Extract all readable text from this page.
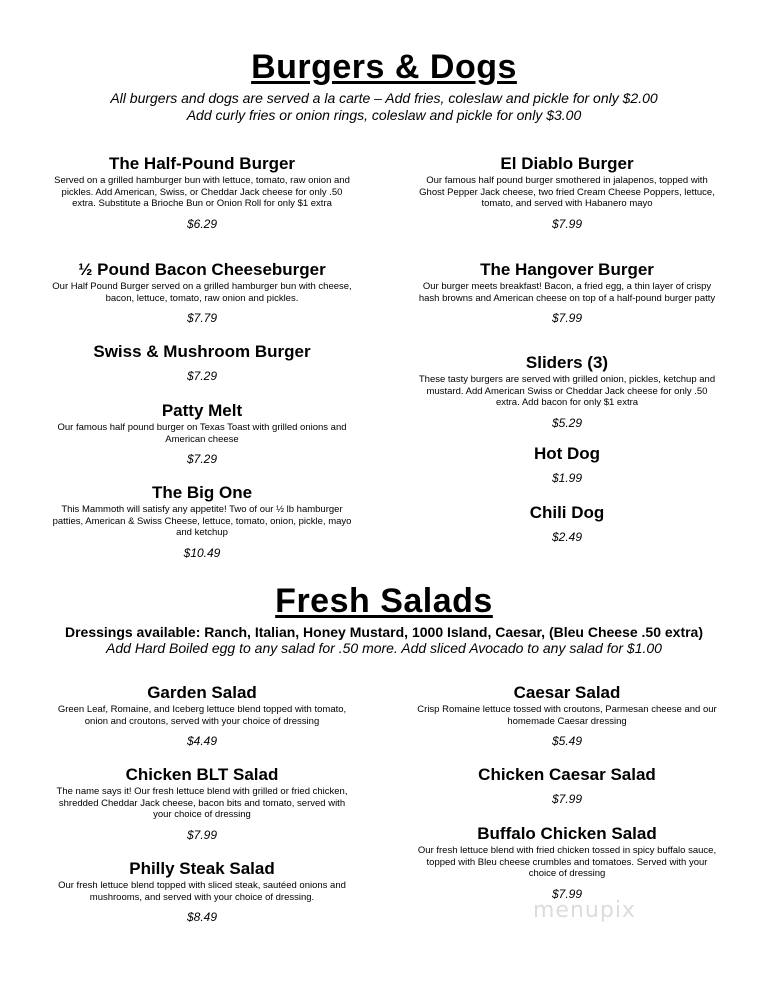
Burgers & Dogs
All burgers and dogs are served a la carte – Add fries, coleslaw and pickle for only $2.00
Add curly fries or onion rings, coleslaw and pickle for only $3.00
The Half-Pound Burger
Served on a grilled hamburger bun with lettuce, tomato, raw onion and pickles. Add American, Swiss, or Cheddar Jack cheese for only .50 extra. Substitute a Brioche Bun or Onion Roll for only $1 extra
$6.29
½ Pound Bacon Cheeseburger
Our Half Pound Burger served on a grilled hamburger bun with cheese, bacon, lettuce, tomato, raw onion and pickles.
$7.79
Swiss & Mushroom Burger
$7.29
Patty Melt
Our famous half pound burger on Texas Toast with grilled onions and American cheese
$7.29
The Big One
This Mammoth will satisfy any appetite! Two of our ½ lb hamburger patties, American & Swiss Cheese, lettuce, tomato, onion, pickle, mayo and ketchup
$10.49
El Diablo Burger
Our famous half pound burger smothered in jalapenos, topped with Ghost Pepper Jack cheese, two fried Cream Cheese Poppers, lettuce, tomato, and served with Habanero mayo
$7.99
The Hangover Burger
Our burger meets breakfast! Bacon, a fried egg, a thin layer of crispy hash browns and American cheese on top of a half-pound burger patty
$7.99
Sliders (3)
These tasty burgers are served with grilled onion, pickles, ketchup and mustard. Add American Swiss or Cheddar Jack cheese for only .50 extra. Add bacon for only $1 extra
$5.29
Hot Dog
$1.99
Chili Dog
$2.49
Fresh Salads
Dressings available: Ranch, Italian, Honey Mustard, 1000 Island, Caesar, (Bleu Cheese .50 extra)
Add Hard Boiled egg to any salad for .50 more. Add sliced Avocado to any salad for $1.00
Garden Salad
Green Leaf, Romaine, and Iceberg lettuce blend topped with tomato, onion and croutons, served with your choice of dressing
$4.49
Chicken BLT Salad
The name says it! Our fresh lettuce blend with grilled or fried chicken, shredded Cheddar Jack cheese, bacon bits and tomato, served with your choice of dressing
$7.99
Philly Steak Salad
Our fresh lettuce blend topped with sliced steak, sautéed onions and mushrooms, and served with your choice of dressing.
$8.49
Caesar Salad
Crisp Romaine lettuce tossed with croutons, Parmesan cheese and our homemade Caesar dressing
$5.49
Chicken Caesar Salad
$7.99
Buffalo Chicken Salad
Our fresh lettuce blend with fried chicken tossed in spicy buffalo sauce, topped with Bleu cheese crumbles and tomatoes. Served with your choice of dressing
$7.99
menupix
